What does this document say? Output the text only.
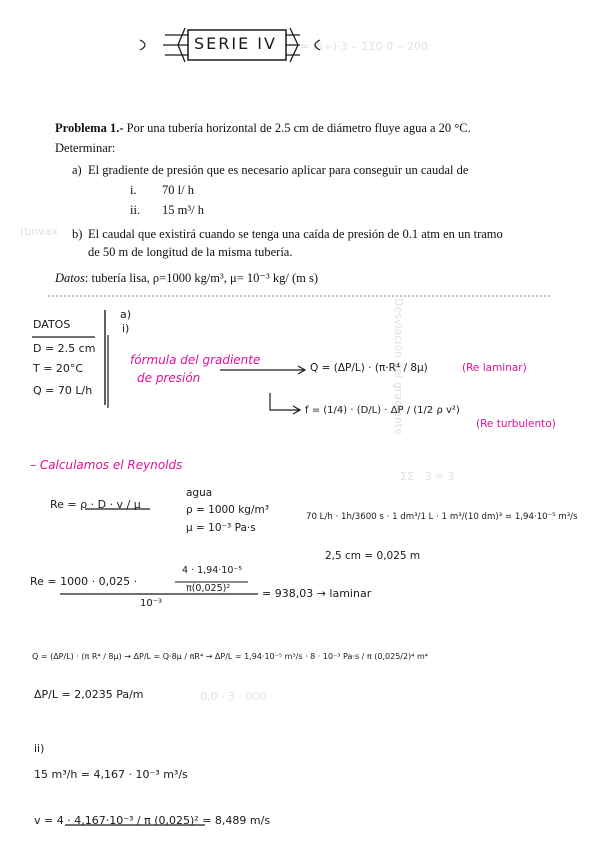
= P(∞)·3 ‒ ΣΣ0·0 ‒ 200
Desviación del gradiente
ΣΣ · 3 = 3
0,0 · 3 · 000
(bnvax
SERIE IV
Problema 1.- Por una tubería horizontal de 2.5 cm de diámetro fluye agua a 20 °C.
Determinar:
a) El gradiente de presión que es necesario aplicar para conseguir un caudal de
i. 70 l/ h
ii. 15 m³/ h
b) El caudal que existirá cuando se tenga una caída de presión de 0.1 atm en un tramo
de 50 m de longitud de la misma tubería.
Datos: tubería lisa, ρ=1000 kg/m³, μ= 10⁻³ kg/ (m s)
DATOS
D = 2.5 cm
T = 20°C
Q = 70 L/h
a)
i)
fórmula del gradiente
de presión
Q = (ΔP/L) · (π·R⁴ / 8μ)	(Re laminar)
f = (1/4) · (D/L) · ΔP / (1/2 ρ v²)
(Re turbulento)
– Calculamos el Reynolds
Re = ρ · D · v / μ
agua
ρ = 1000 kg/m³
μ = 10⁻³ Pa·s
70 L/h · 1h/3600 s · 1 dm³/1 L · 1 m³/(10 dm)³ = 1,94·10⁻⁵ m³/s
2,5 cm = 0,025 m
4 · 1,94·10⁻⁵
π(0,025)²
Re = 1000 · 0,025 ·
10⁻³
= 938,03 → laminar
Q = (ΔP/L) · (π R⁴ / 8μ) → ΔP/L = Q·8μ / πR⁴ → ΔP/L = 1,94·10⁻⁵ m³/s · 8 · 10⁻³ Pa·s / π (0,025/2)⁴ m⁴
ΔP/L = 2,0235 Pa/m
ii)
15 m³/h = 4,167 · 10⁻³ m³/s
v = 4 · 4,167·10⁻³ / π (0,025)² = 8,489 m/s
